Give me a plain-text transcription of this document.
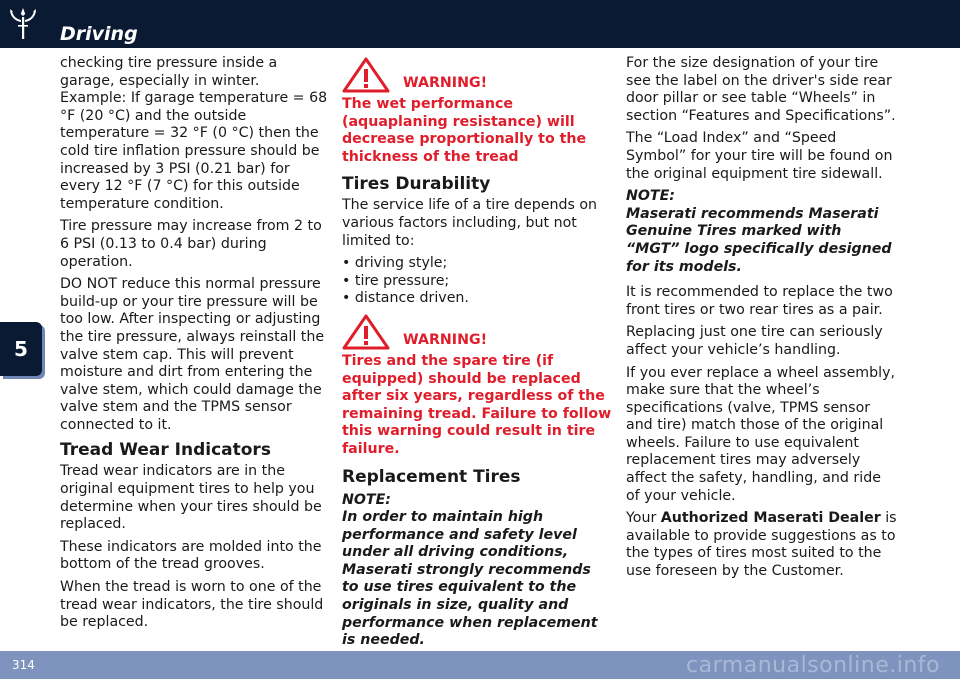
Driving
5

checking tire pressure inside a garage, especially in winter. Example: If garage temperature = 68 °F (20 °C) and the outside temperature = 32 °F (0 °C) then the cold tire inflation pressure should be increased by 3 PSI (0.21 bar) for every 12 °F (7 °C) for this outside temperature condition.

Tire pressure may increase from 2 to 6 PSI (0.13 to 0.4 bar) during operation.

DO NOT reduce this normal pressure build-up or your tire pressure will be too low. After inspecting or adjusting the tire pressure, always reinstall the valve stem cap. This will prevent moisture and dirt from entering the valve stem, which could damage the valve stem and the TPMS sensor connected to it.

Tread Wear Indicators

Tread wear indicators are in the original equipment tires to help you determine when your tires should be replaced.

These indicators are molded into the bottom of the tread grooves.

When the tread is worn to one of the tread wear indicators, the tire should be replaced.

WARNING!

The wet performance (aquaplaning resistance) will decrease proportionally to the thickness of the tread

Tires Durability

The service life of a tire depends on various factors including, but not limited to:

• driving style;
• tire pressure;
• distance driven.
WARNING!

Tires and the spare tire (if equipped) should be replaced after six years, regardless of the remaining tread. Failure to follow this warning could result in tire failure.

Replacement Tires

NOTE:

In order to maintain high performance and safety level under all driving conditions, Maserati strongly recommends to use tires equivalent to the originals in size, quality and performance when replacement is needed.

For the size designation of your tire see the label on the driver's side rear door pillar or see table “Wheels” in section “Features and Specifications”.

The “Load Index” and “Speed Symbol” for your tire will be found on the original equipment tire sidewall.

NOTE:

Maserati recommends Maserati Genuine Tires marked with “MGT” logo specifically designed for its models.

It is recommended to replace the two front tires or two rear tires as a pair.

Replacing just one tire can seriously affect your vehicle’s handling.

If you ever replace a wheel assembly, make sure that the wheel’s specifications (valve, TPMS sensor and tire) match those of the original wheels. Failure to use equivalent replacement tires may adversely affect the safety, handling, and ride of your vehicle.

Your Authorized Maserati Dealer is available to provide suggestions as to the types of tires most suited to the use foreseen by the Customer.

314	carmanualsonline.info
